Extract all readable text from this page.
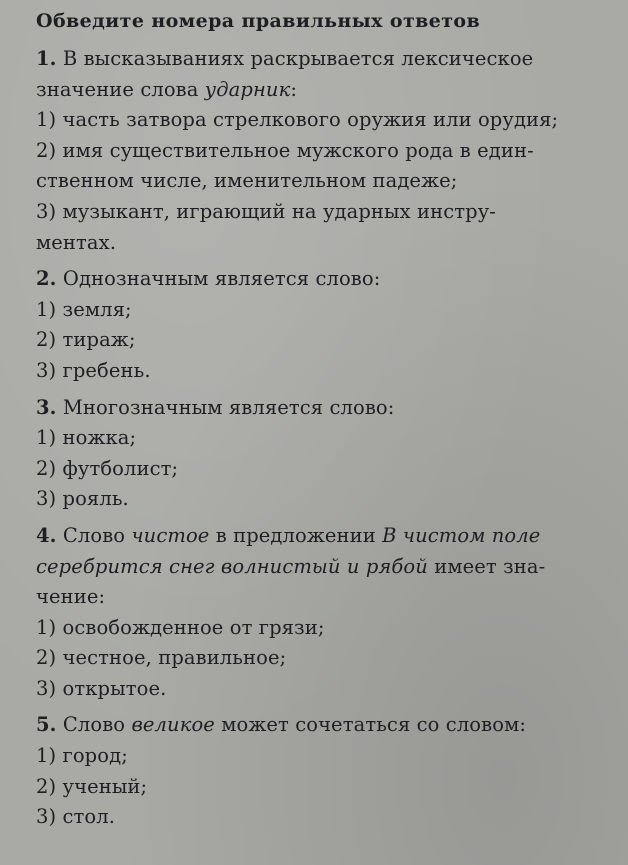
Обведите номера правильных ответов
1. В высказываниях раскрывается лексическое
значение слова ударник:
1) часть затвора стрелкового оружия или орудия;
2) имя существительное мужского рода в един-
ственном числе, именительном падеже;
3) музыкант, играющий на ударных инстру-
ментах.
2. Однозначным является слово:
1) земля;
2) тираж;
3) гребень.
3. Многозначным является слово:
1) ножка;
2) футболист;
3) рояль.
4. Слово чистое в предложении В чистом поле
серебрится снег волнистый и рябой имеет зна-
чение:
1) освобожденное от грязи;
2) честное, правильное;
3) открытое.
5. Слово великое может сочетаться со словом:
1) город;
2) ученый;
3) стол.
